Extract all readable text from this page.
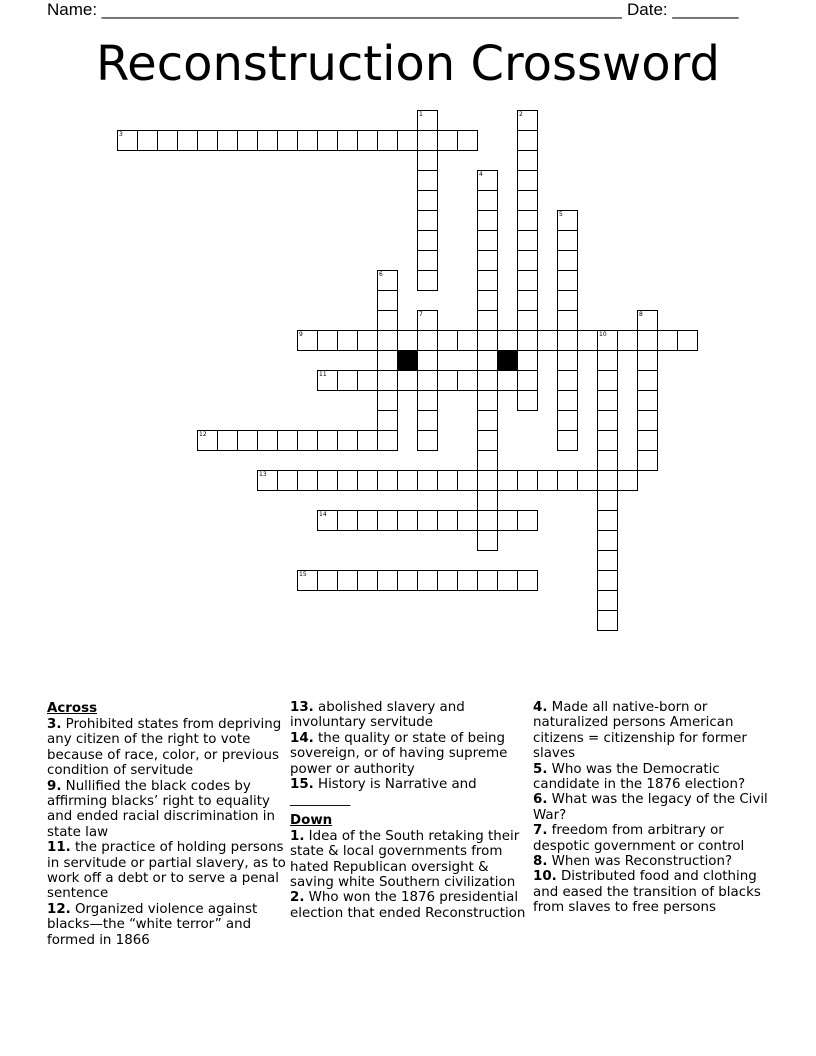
Name: _______________________________________________________ Date: _______
Reconstruction Crossword
1	2
3
4
5
6
7	8
9	10
11
12
13
14
15
Across
3. Prohibited states from depriving any citizen of the right to vote because of race, color, or previous condition of servitude
9. Nullified the black codes by affirming blacks’ right to equality and ended racial discrimination in state law
11. the practice of holding persons in servitude or partial slavery, as to work off a debt or to serve a penal sentence
12. Organized violence against blacks—the “white terror” and formed in 1866
13. abolished slavery and involuntary servitude
14. the quality or state of being sovereign, or of having supreme power or authority
15. History is Narrative and
_________
Down
1. Idea of the South retaking their state & local governments from hated Republican oversight & saving white Southern civilization
2. Who won the 1876 presidential election that ended Reconstruction
4. Made all native-born or naturalized persons American citizens = citizenship for former slaves
5. Who was the Democratic candidate in the 1876 election?
6. What was the legacy of the Civil War?
7. freedom from arbitrary or despotic government or control
8. When was Reconstruction?
10. Distributed food and clothing and eased the transition of blacks from slaves to free persons
